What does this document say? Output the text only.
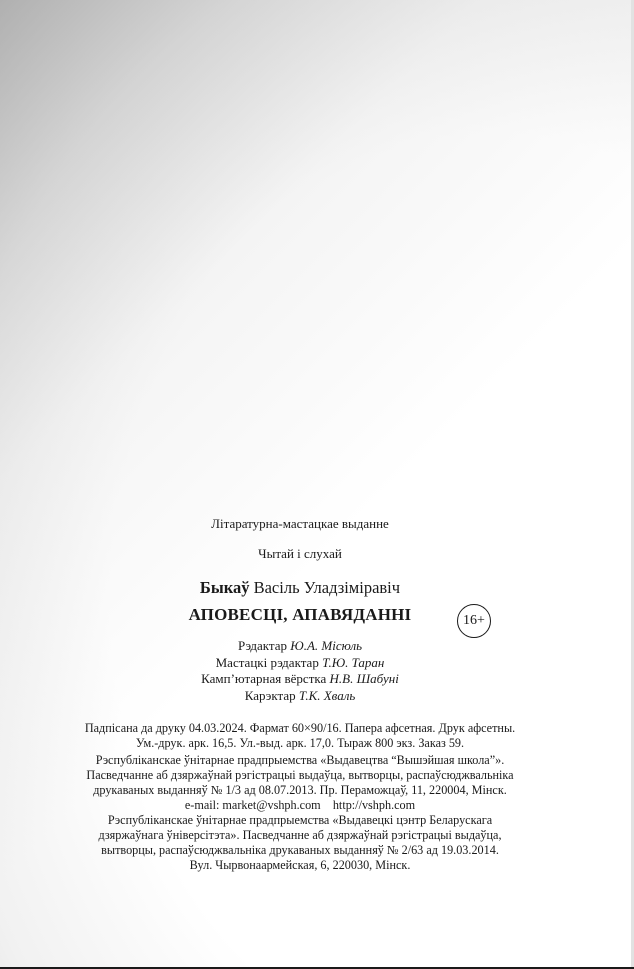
Літаратурна-мастацкае выданне
Чытай і слухай
Быкаў Васіль Уладзіміравіч
АПОВЕСЦІ, АПАВЯДАННІ	16+
Рэдактар Ю.А. Місюль
Мастацкі рэдактар Т.Ю. Таран
Камп’ютарная вёрстка Н.В. Шабуні
Карэктар Т.К. Хваль
Падпісана да друку 04.03.2024. Фармат 60×90/16. Папера афсетная. Друк афсетны.
Ум.-друк. арк. 16,5. Ул.-выд. арк. 17,0. Тыраж 800 экз. Заказ 59.
Рэспубліканскае ўнітарнае прадпрыемства «Выдавецтва “Вышэйшая школа”».
Пасведчанне аб дзяржаўнай рэгістрацыі выдаўца, вытворцы, распаўсюджвальніка
друкаваных выданняў № 1/3 ад 08.07.2013. Пр. Пераможцаў, 11, 220004, Мінск.
e-mail: market@vshph.com    http://vshph.com
Рэспубліканскае ўнітарнае прадпрыемства «Выдавецкі цэнтр Беларускага
дзяржаўнага ўніверсітэта». Пасведчанне аб дзяржаўнай рэгістрацыі выдаўца,
вытворцы, распаўсюджвальніка друкаваных выданняў № 2/63 ад 19.03.2014.
Вул. Чырвонаармейская, 6, 220030, Мінск.
